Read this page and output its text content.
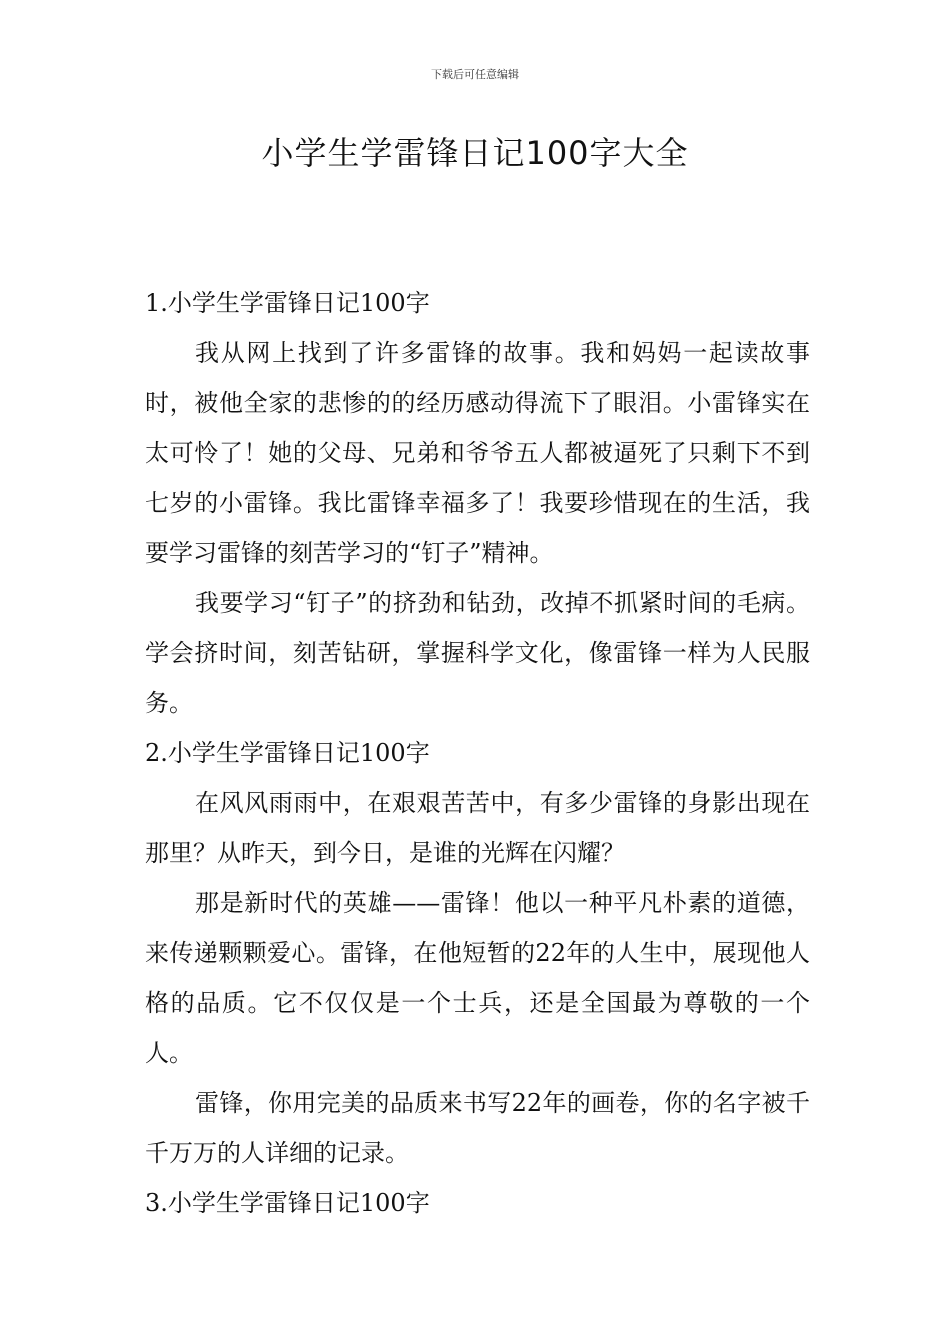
下载后可任意编辑
小学生学雷锋日记100字大全

1.小学生学雷锋日记100字

我从网上找到了许多雷锋的故事。我和妈妈一起读故事时，被他全家的悲惨的的经历感动得流下了眼泪。小雷锋实在太可怜了！她的父母、兄弟和爷爷五人都被逼死了只剩下不到七岁的小雷锋。我比雷锋幸福多了！我要珍惜现在的生活，我要学习雷锋的刻苦学习的“钉子”精神。

我要学习“钉子”的挤劲和钻劲，改掉不抓紧时间的毛病。学会挤时间，刻苦钻研，掌握科学文化，像雷锋一样为人民服务。

2.小学生学雷锋日记100字

在风风雨雨中，在艰艰苦苦中，有多少雷锋的身影出现在那里？从昨天，到今日，是谁的光辉在闪耀？

那是新时代的英雄——雷锋！他以一种平凡朴素的道德，来传递颗颗爱心。雷锋，在他短暂的22年的人生中，展现他人格的品质。它不仅仅是一个士兵，还是全国最为尊敬的一个人。

雷锋，你用完美的品质来书写22年的画卷，你的名字被千千万万的人详细的记录。

3.小学生学雷锋日记100字
